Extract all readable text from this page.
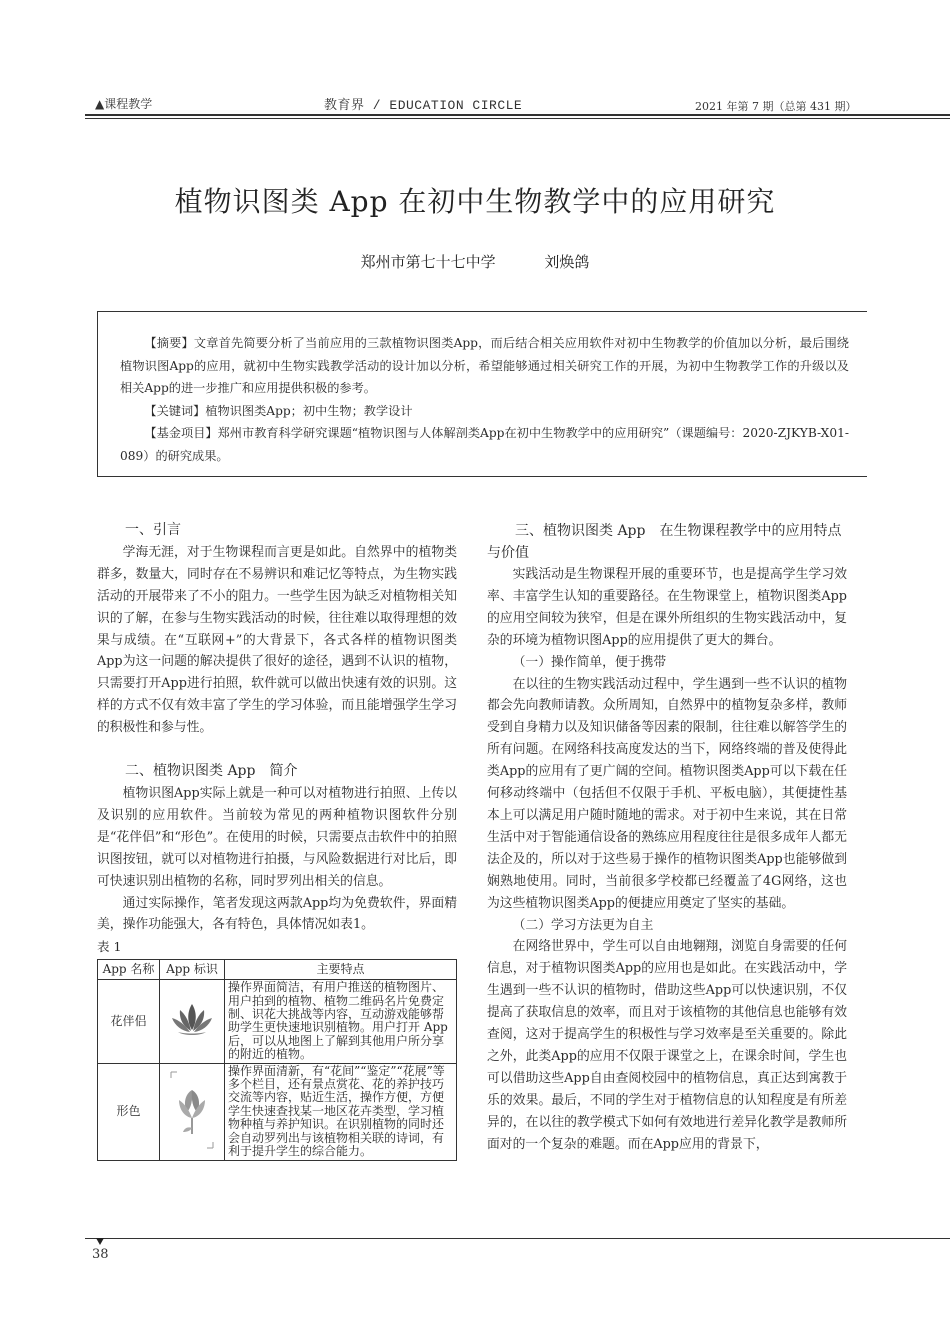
▲课程教学	教育界 / EDUCATION CIRCLE	2021 年第 7 期（总第 431 期）
植物识图类 App 在初中生物教学中的应用研究
郑州市第七十七中学	刘焕鸽

【摘要】文章首先简要分析了当前应用的三款植物识图类App，而后结合相关应用软件对初中生物教学的价值加以分析，最后围绕植物识图App的应用，就初中生物实践教学活动的设计加以分析，希望能够通过相关研究工作的开展，为初中生物教学工作的升级以及相关App的进一步推广和应用提供积极的参考。

【关键词】植物识图类App；初中生物；教学设计

【基金项目】郑州市教育科学研究课题“植物识图与人体解剖类App在初中生物教学中的应用研究”（课题编号：2020-ZJKYB-X01-089）的研究成果。

一、引言

学海无涯，对于生物课程而言更是如此。自然界中的植物类群多，数量大，同时存在不易辨识和难记忆等特点，为生物实践活动的开展带来了不小的阻力。一些学生因为缺乏对植物相关知识的了解，在参与生物实践活动的时候，往往难以取得理想的效果与成绩。在“互联网+”的大背景下，各式各样的植物识图类App为这一问题的解决提供了很好的途径，遇到不认识的植物，只需要打开App进行拍照，软件就可以做出快速有效的识别。这样的方式不仅有效丰富了学生的学习体验，而且能增强学生学习的积极性和参与性。

二、植物识图类 App　简介

植物识图App实际上就是一种可以对植物进行拍照、上传以及识别的应用软件。当前较为常见的两种植物识图软件分别是“花伴侣”和“形色”。在使用的时候，只需要点击软件中的拍照识图按钮，就可以对植物进行拍摄，与风险数据进行对比后，即可快速识别出植物的名称，同时罗列出相关的信息。

通过实际操作，笔者发现这两款App均为免费软件，界面精美，操作功能强大，各有特色，具体情况如表1。

表 1

App 名称	App 标识	主要特点
花伴侣		操作界面简洁，有用户推送的植物图片、用户拍到的植物、植物二维码名片免费定制、识花大挑战等内容，互动游戏能够帮助学生更快速地识别植物。用户打开 App 后，可以从地图上了解到其他用户所分享的附近的植物。
形色		操作界面清新，有“花间”“鉴定”“花展”等多个栏目，还有景点赏花、花的养护技巧交流等内容，贴近生活，操作方便，方便学生快速查找某一地区花卉类型，学习植物种植与养护知识。在识别植物的同时还会自动罗列出与该植物相关联的诗词，有利于提升学生的综合能力。
三、植物识图类 App　在生物课程教学中的应用特点与价值

实践活动是生物课程开展的重要环节，也是提高学生学习效率、丰富学生认知的重要路径。在生物课堂上，植物识图类App的应用空间较为狭窄，但是在课外所组织的生物实践活动中，复杂的环境为植物识图App的应用提供了更大的舞台。

（一）操作简单，便于携带

在以往的生物实践活动过程中，学生遇到一些不认识的植物都会先向教师请教。众所周知，自然界中的植物复杂多样，教师受到自身精力以及知识储备等因素的限制，往往难以解答学生的所有问题。在网络科技高度发达的当下，网络终端的普及使得此类App的应用有了更广阔的空间。植物识图类App可以下载在任何移动终端中（包括但不仅限于手机、平板电脑），其便捷性基本上可以满足用户随时随地的需求。对于初中生来说，其在日常生活中对于智能通信设备的熟练应用程度往往是很多成年人都无法企及的，所以对于这些易于操作的植物识图类App也能够做到娴熟地使用。同时，当前很多学校都已经覆盖了4G网络，这也为这些植物识图类App的便捷应用奠定了坚实的基础。

（二）学习方法更为自主

在网络世界中，学生可以自由地翱翔，浏览自身需要的任何信息，对于植物识图类App的应用也是如此。在实践活动中，学生遇到一些不认识的植物时，借助这些App可以快速识别，不仅提高了获取信息的效率，而且对于该植物的其他信息也能够有效查阅，这对于提高学生的积极性与学习效率是至关重要的。除此之外，此类App的应用不仅限于课堂之上，在课余时间，学生也可以借助这些App自由查阅校园中的植物信息，真正达到寓教于乐的效果。最后，不同的学生对于植物信息的认知程度是有所差异的，在以往的教学模式下如何有效地进行差异化教学是教师所面对的一个复杂的难题。而在App应用的背景下，

38
